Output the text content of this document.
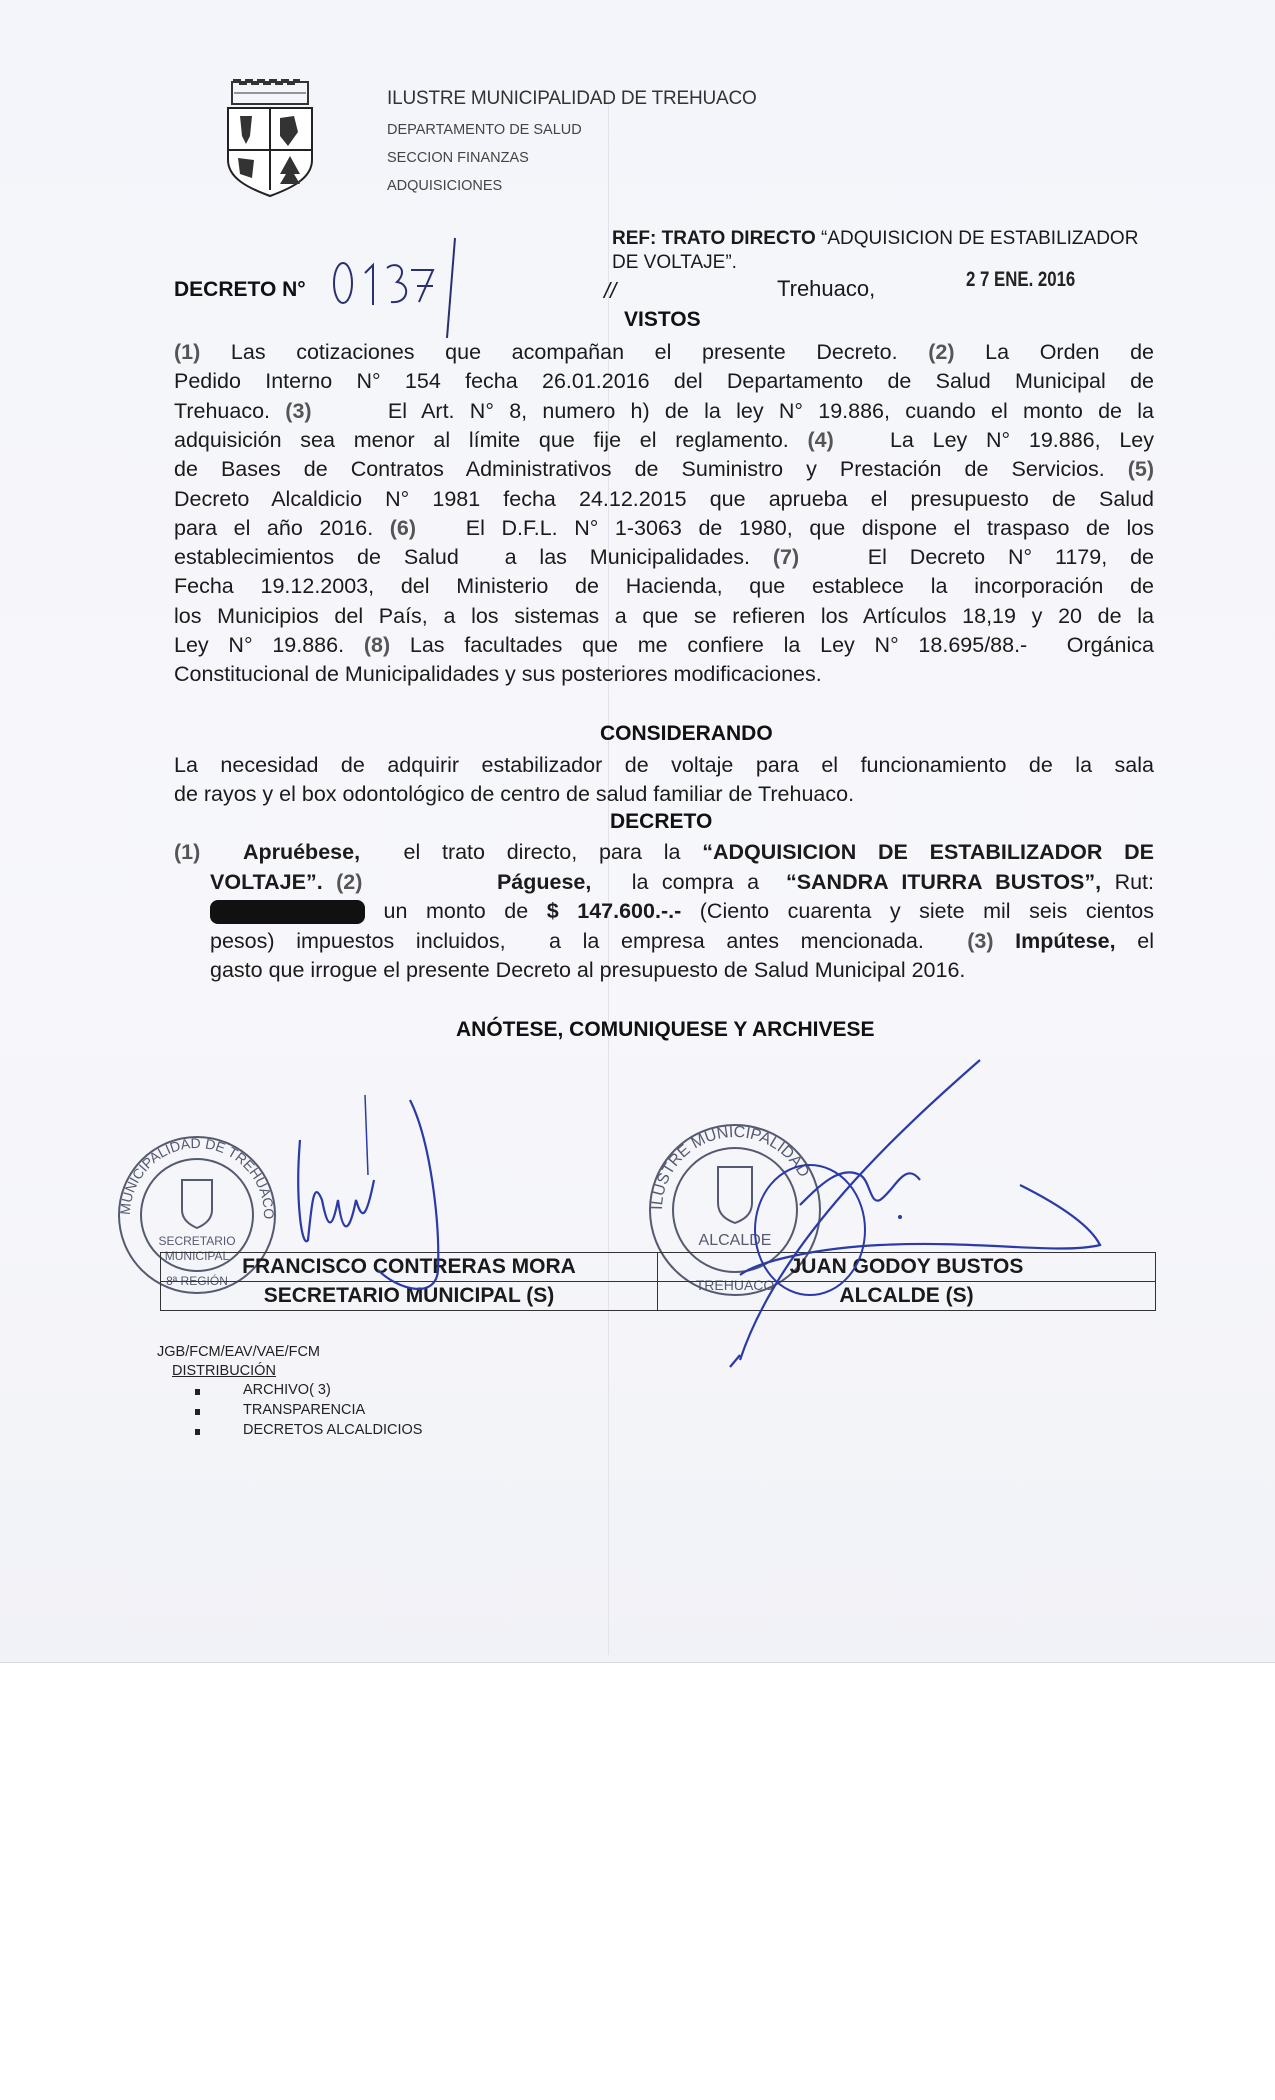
ILUSTRE MUNICIPALIDAD DE TREHUACO
DEPARTAMENTO DE SALUD
SECCION FINANZAS
ADQUISICIONES
REF: TRATO DIRECTO “ADQUISICION DE ESTABILIZADOR
DE VOLTAJE”.
//	Trehuaco,	2 7 ENE. 2016
DECRETO N°
VISTOS
(1) Las cotizaciones que acompañan el presente Decreto. (2) La Orden de
Pedido Interno N° 154 fecha 26.01.2016 del Departamento de Salud Municipal de
Trehuaco. (3)     El Art. N° 8, numero h) de la ley N° 19.886, cuando el monto de la
adquisición sea menor al límite que fije el reglamento. (4)   La Ley N° 19.886, Ley
de Bases de Contratos Administrativos de Suministro y Prestación de Servicios. (5)
Decreto Alcaldicio N° 1981 fecha 24.12.2015 que aprueba el presupuesto de Salud
para el año 2016. (6)   El D.F.L. N° 1-3063 de 1980, que dispone el traspaso de los
establecimientos de Salud  a las Municipalidades. (7)   El Decreto N° 1179, de
Fecha 19.12.2003, del Ministerio de Hacienda, que establece la incorporación de
los Municipios del País, a los sistemas a que se refieren los Artículos 18,19 y 20 de la
Ley N° 19.886. (8) Las facultades que me confiere la Ley N° 18.695/88.-  Orgánica
Constitucional de Municipalidades y sus posteriores modificaciones.
CONSIDERANDO
La necesidad de adquirir estabilizador de voltaje para el funcionamiento de la sala
de rayos y el box odontológico de centro de salud familiar de Trehuaco.
DECRETO
(1)  Apruébese,  el trato directo, para la “ADQUISICION DE ESTABILIZADOR DE
VOLTAJE”. (2)          Páguese,   la compra a  “SANDRA ITURRA BUSTOS”, Rut:
un monto de $ 147.600.-.- (Ciento cuarenta y siete mil seis cientos
pesos) impuestos incluidos,  a la empresa antes mencionada.  (3) Impútese, el
gasto que irrogue el presente Decreto al presupuesto de Salud Municipal 2016.
ANÓTESE, COMUNIQUESE Y ARCHIVESE
MUNICIPALIDAD DE TREHUACO
SECRETARIO
MUNICIPAL
8ª REGIÓN
ILUSTRE MUNICIPALIDAD
ALCALDE
TREHUACO
FRANCISCO CONTRERAS MORA	JUAN GODOY BUSTOS
SECRETARIO MUNICIPAL (S)	ALCALDE (S)
JGB/FCM/EAV/VAE/FCM
DISTRIBUCIÓN
ARCHIVO( 3)
TRANSPARENCIA
DECRETOS ALCALDICIOS
